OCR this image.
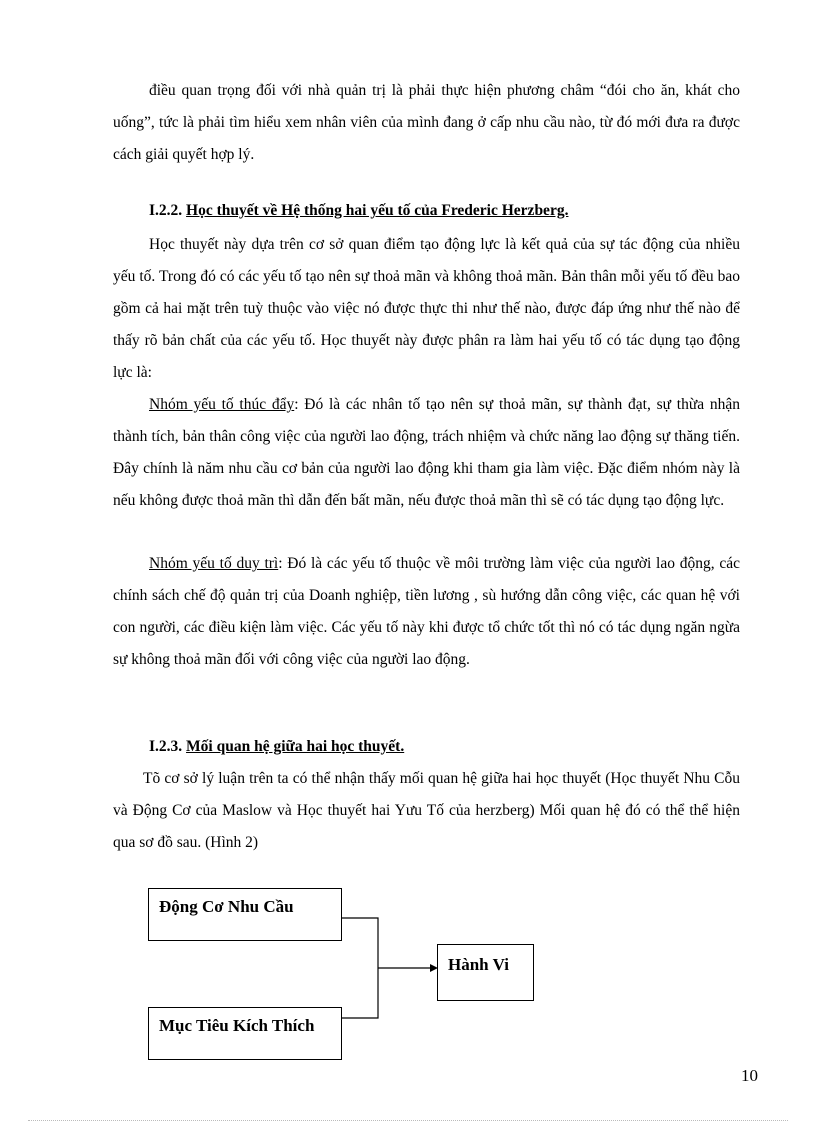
điều quan trọng đối với nhà quản trị là phải thực hiện phương châm “đói cho ăn, khát cho uống”, tức là phải tìm hiểu xem nhân viên của mình đang ở cấp nhu cầu nào, từ đó mới đưa ra được cách giải quyết hợp lý.

I.2.2. Học thuyết về Hệ thống hai yếu tố của Frederic Herzberg.

Học thuyết này dựa trên cơ sở quan điểm tạo động lực là kết quả của sự tác động của nhiều yếu tố. Trong đó có các yếu tố tạo nên sự thoả mãn và không thoả mãn. Bản thân mỗi yếu tố đều bao gồm cả hai mặt trên tuỳ thuộc vào việc nó được thực thi như thế nào, được đáp ứng như thế nào để thấy rõ bản chất của các yếu tố. Học thuyết này được phân ra làm hai yếu tố có tác dụng tạo động lực là:

Nhóm yếu tố thúc đẩy: Đó là các nhân tố tạo nên sự thoả mãn, sự thành đạt, sự thừa nhận thành tích, bản thân công việc của người lao động, trách nhiệm và chức năng lao động sự thăng tiến. Đây chính là năm nhu cầu cơ bản của người lao động khi tham gia làm việc. Đặc điểm nhóm này là nếu không được thoả mãn thì dẫn đến bất mãn, nếu được thoả mãn thì sẽ có tác dụng tạo động lực.

Nhóm yếu tố duy trì: Đó là các yếu tố thuộc về môi trường làm việc của người lao động, các chính sách chế độ quản trị của Doanh nghiệp, tiền lương , sù hướng dẫn công việc, các quan hệ với con người, các điều kiện làm việc. Các yếu tố này khi được tổ chức tốt thì nó có tác dụng ngăn ngừa sự không thoả mãn đối với công việc của người lao động.

I.2.3. Mối quan hệ giữa hai học thuyết.

Tõ cơ sở lý luận trên ta có thể nhận thấy mối quan hệ giữa hai học thuyết (Học thuyết Nhu Cỗu và Động Cơ của Maslow và Học thuyết hai Yưu Tố của herzberg) Mối quan hệ đó có thể thể hiện qua sơ đồ sau. (Hình 2)

Động Cơ Nhu Cầu
Mục Tiêu Kích Thích
Hành Vi
10
